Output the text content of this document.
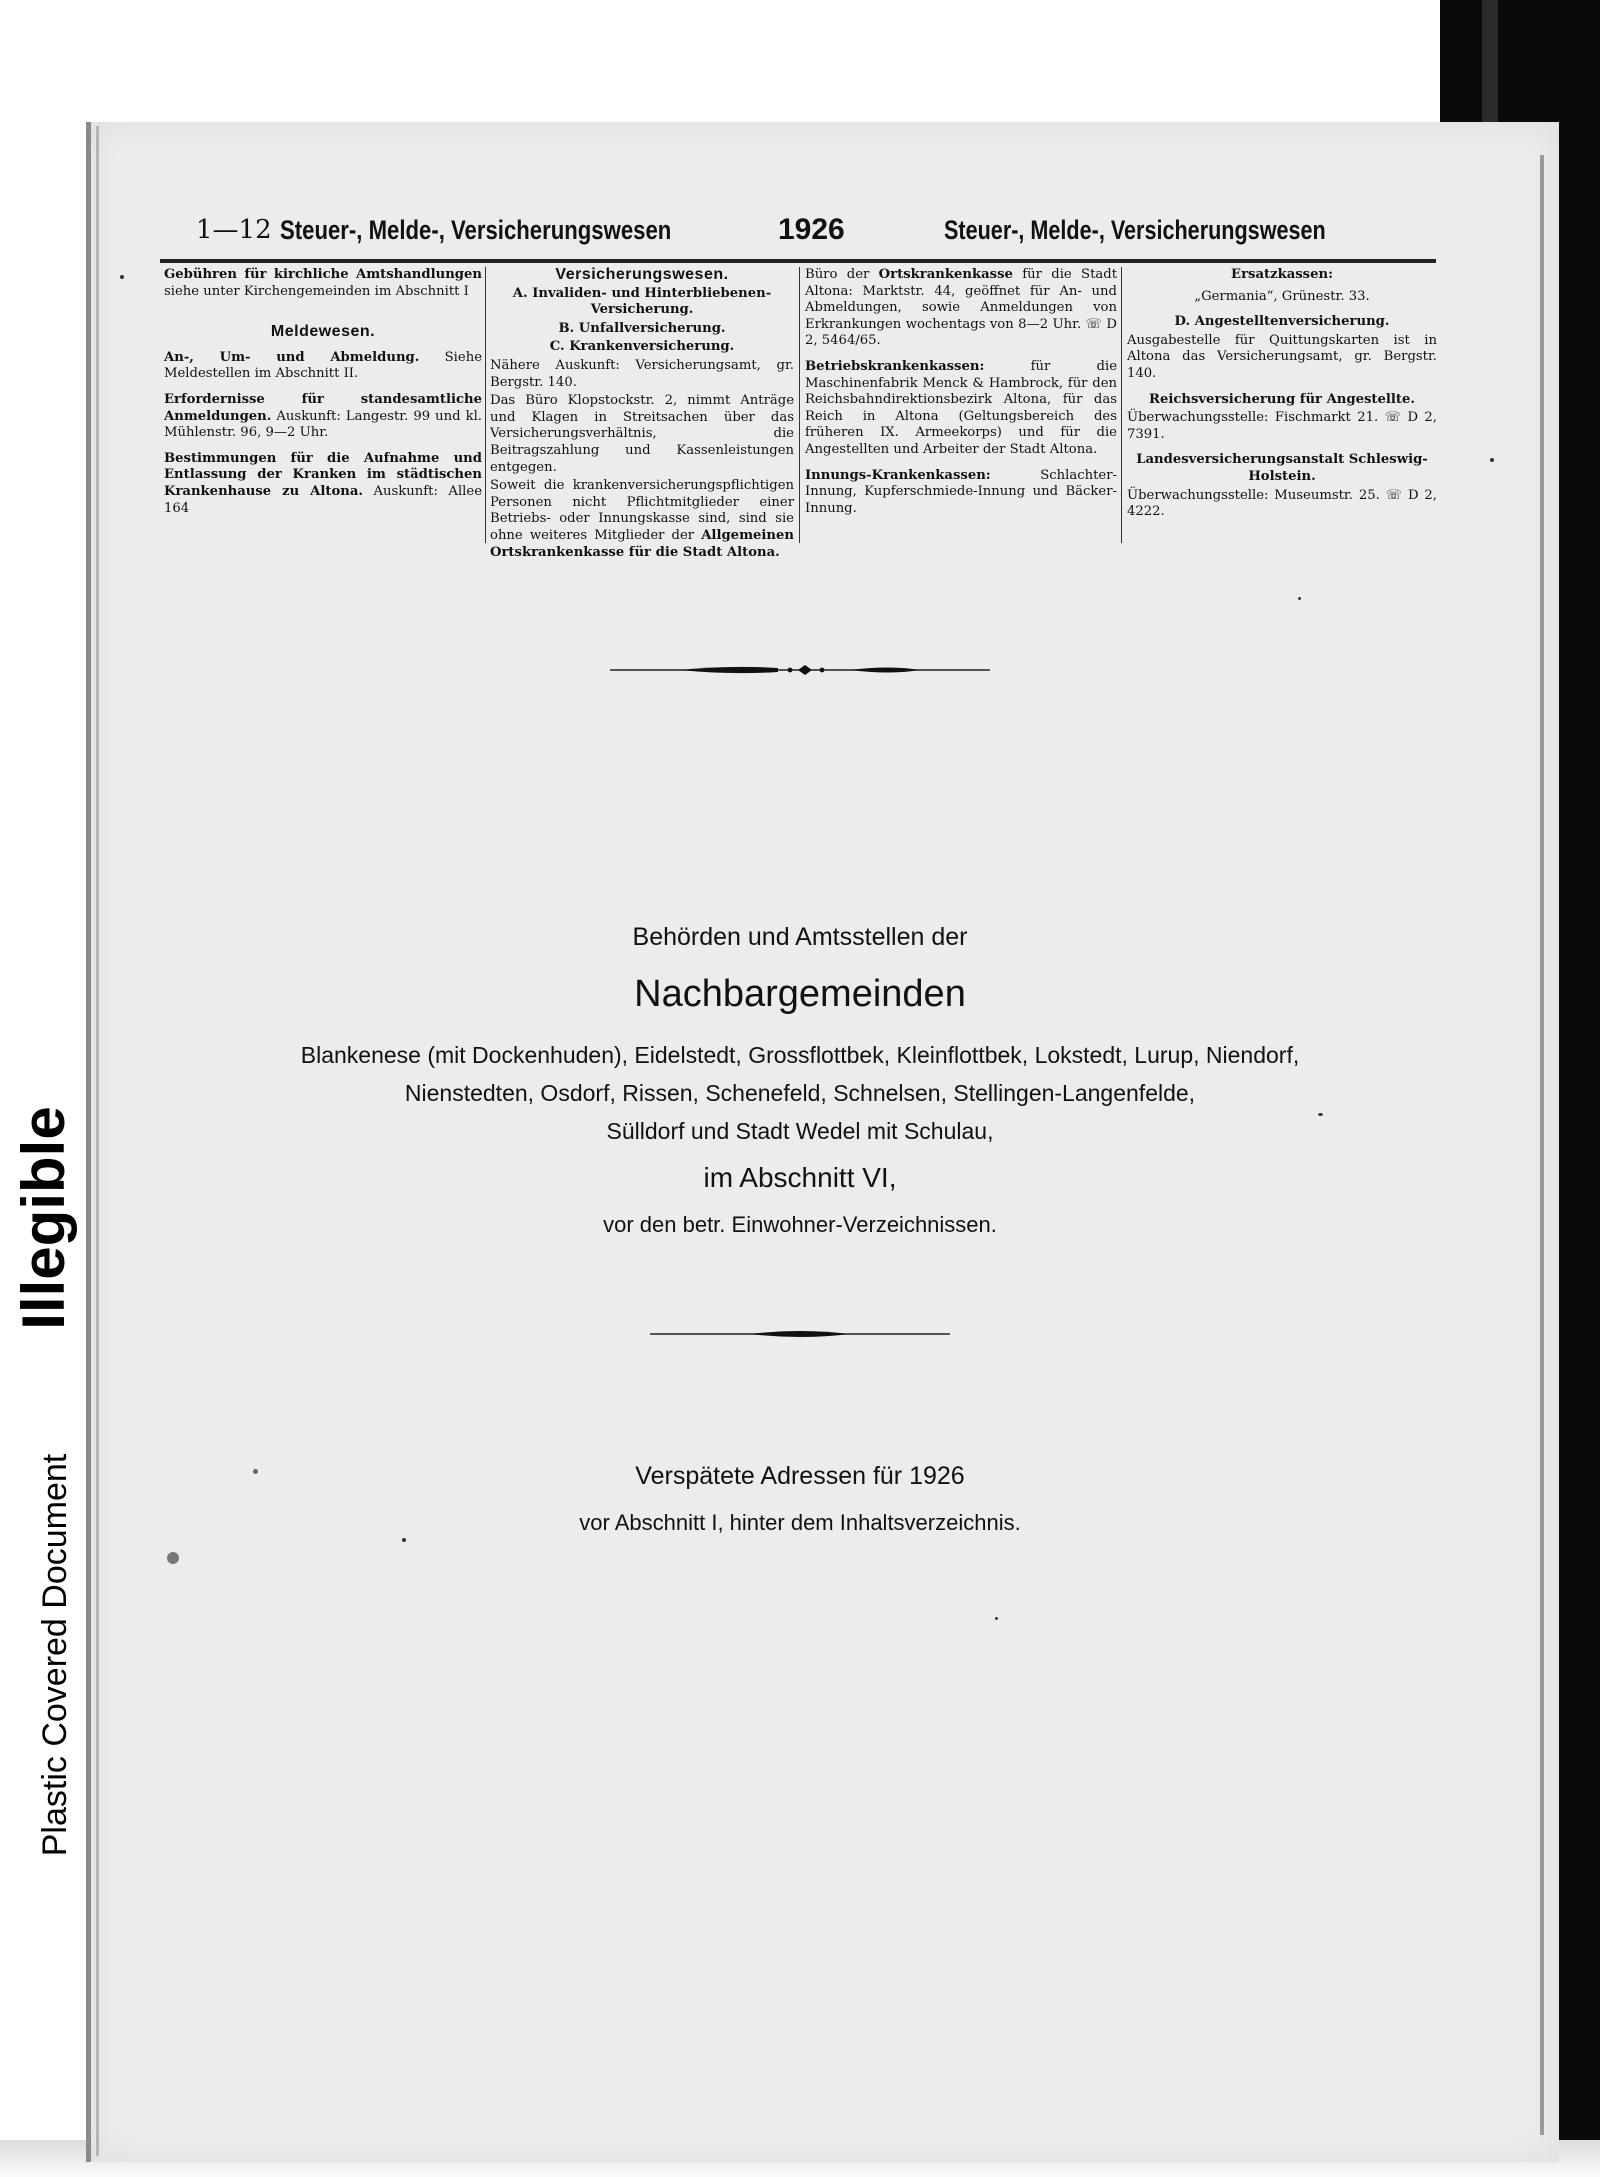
Illegible
Plastic Covered Document
1—12 Steuer-, Melde-, Versicherungswesen	1926	Steuer-, Melde-, Versicherungswesen

Gebühren für kirchliche Amtshandlungen siehe unter Kirchengemeinden im Abschnitt I

Meldewesen.

An-, Um- und Abmeldung. Siehe Meldestellen im Abschnitt II.

Erfordernisse für standesamtliche Anmeldungen. Auskunft: Langestr. 99 und kl. Mühlenstr. 96, 9—2 Uhr.

Bestimmungen für die Aufnahme und Entlassung der Kranken im städtischen Krankenhause zu Altona. Auskunft: Allee 164

Versicherungswesen.

A. Invaliden- und Hinterbliebenen-Versicherung.

B. Unfallversicherung.

C. Krankenversicherung.

Nähere Auskunft: Versicherungsamt, gr. Bergstr. 140.

Das Büro Klopstockstr. 2, nimmt Anträge und Klagen in Streitsachen über das Versicherungsverhältnis, die Beitragszahlung und Kassenleistungen entgegen.

Soweit die krankenversicherungspflichtigen Personen nicht Pflichtmitglieder einer Betriebs- oder Innungskasse sind, sind sie ohne weiteres Mitglieder der Allgemeinen Ortskrankenkasse für die Stadt Altona.

Büro der Ortskrankenkasse für die Stadt Altona: Marktstr. 44, geöffnet für An- und Abmeldungen, sowie Anmeldungen von Erkrankungen wochentags von 8—2 Uhr. ☏ D 2, 5464/65.

Betriebskrankenkassen: für die Maschinenfabrik Menck & Hambrock, für den Reichsbahndirektionsbezirk Altona, für das Reich in Altona (Geltungsbereich des früheren IX. Armeekorps) und für die Angestellten und Arbeiter der Stadt Altona.

Innungs-Krankenkassen: Schlachter-Innung, Kupferschmiede-Innung und Bäcker-Innung.

Ersatzkassen:

„Germania“, Grünestr. 33.

D. Angestelltenversicherung.

Ausgabestelle für Quittungskarten ist in Altona das Versicherungsamt, gr. Bergstr. 140.

Reichsversicherung für Angestellte.

Überwachungsstelle: Fischmarkt 21. ☏ D 2, 7391.

Landesversicherungsanstalt Schleswig-Holstein.

Überwachungsstelle: Museumstr. 25. ☏ D 2, 4222.

Behörden und Amtsstellen der
Nachbargemeinden
Blankenese (mit Dockenhuden), Eidelstedt, Grossflottbek, Kleinflottbek, Lokstedt, Lurup, Niendorf,
Nienstedten, Osdorf, Rissen, Schenefeld, Schnelsen, Stellingen-Langenfelde,
Sülldorf und Stadt Wedel mit Schulau,
im Abschnitt VI,
vor den betr. Einwohner-Verzeichnissen.
Verspätete Adressen für 1926
vor Abschnitt I, hinter dem Inhaltsverzeichnis.
